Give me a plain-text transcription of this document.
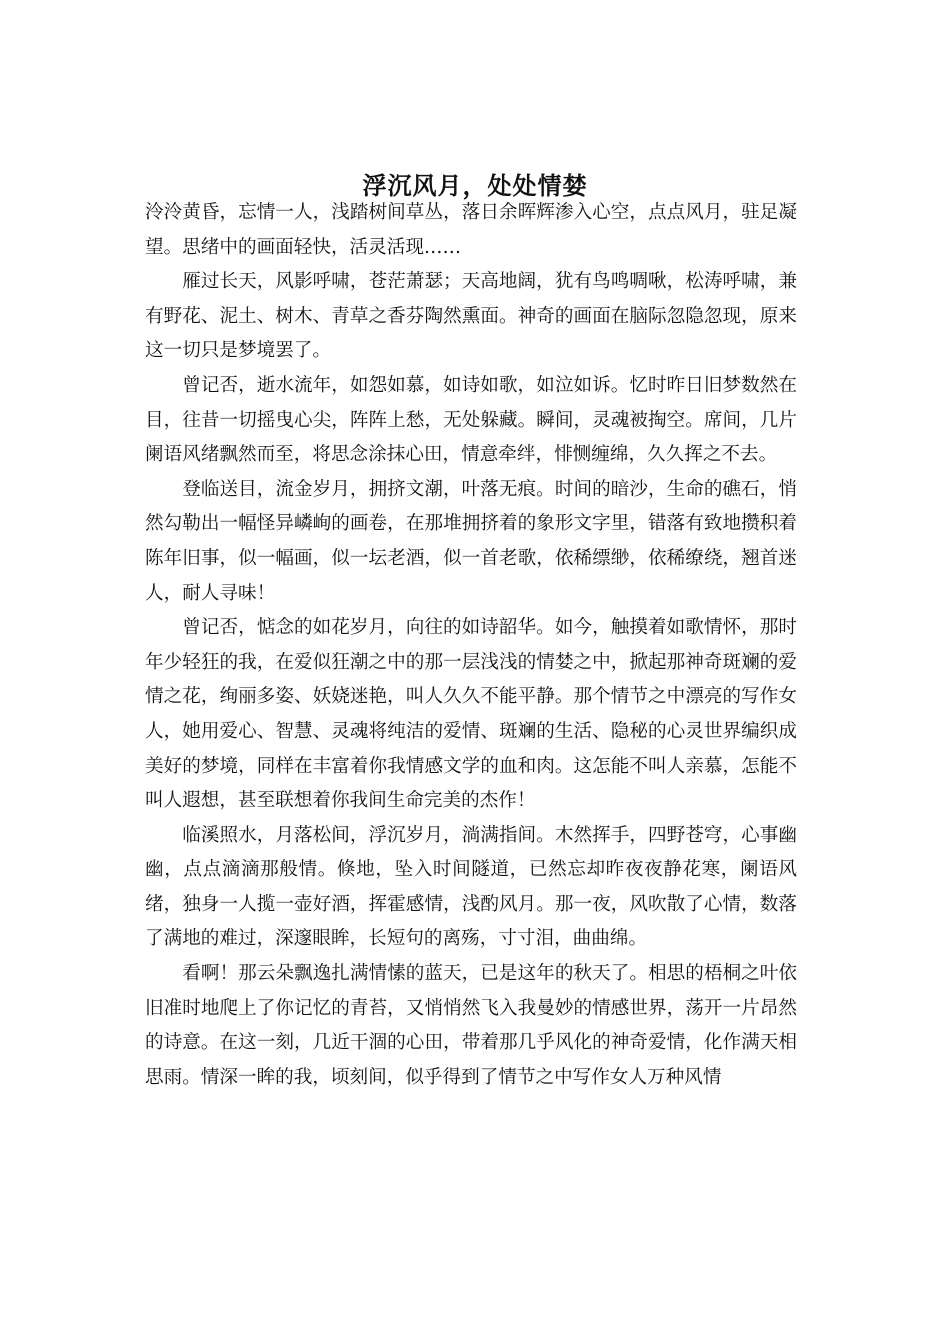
浮沉风月，处处情婪

泠泠黄昏，忘情一人，浅踏树间草丛，落日余晖辉渗入心空，点点风月，驻足凝望。思绪中的画面轻快，活灵活现……

雁过长天，风影呼啸，苍茫萧瑟；天高地阔，犹有鸟鸣啁啾，松涛呼啸，兼有野花、泥土、树木、青草之香芬陶然熏面。神奇的画面在脑际忽隐忽现，原来这一切只是梦境罢了。

曾记否，逝水流年，如怨如慕，如诗如歌，如泣如诉。忆时昨日旧梦数然在目，往昔一切摇曳心尖，阵阵上愁，无处躲藏。瞬间，灵魂被掏空。席间，几片阑语风绪飘然而至，将思念涂抹心田，情意牵绊，悱恻缠绵，久久挥之不去。

登临送目，流金岁月，拥挤文潮，叶落无痕。时间的暗沙，生命的礁石，悄然勾勒出一幅怪异嶙峋的画卷，在那堆拥挤着的象形文字里，错落有致地攒积着陈年旧事，似一幅画，似一坛老酒，似一首老歌，依稀缥缈，依稀缭绕，翘首迷人，耐人寻味！

曾记否，惦念的如花岁月，向往的如诗韶华。如今，触摸着如歌情怀，那时年少轻狂的我，在爱似狂潮之中的那一层浅浅的情婪之中，掀起那神奇斑斓的爱情之花，绚丽多姿、妖娆迷艳，叫人久久不能平静。那个情节之中漂亮的写作女人，她用爱心、智慧、灵魂将纯洁的爱情、斑斓的生活、隐秘的心灵世界编织成美好的梦境，同样在丰富着你我情感文学的血和肉。这怎能不叫人亲慕，怎能不叫人遐想，甚至联想着你我间生命完美的杰作！

临溪照水，月落松间，浮沉岁月，淌满指间。木然挥手，四野苍穹，心事幽幽，点点滴滴那般情。倏地，坠入时间隧道，已然忘却昨夜夜静花寒，阑语风绪，独身一人揽一壶好酒，挥霍感情，浅酌风月。那一夜，风吹散了心情，数落了满地的难过，深邃眼眸，长短句的离殇，寸寸泪，曲曲绵。

看啊！那云朵飘逸扎满情愫的蓝天，已是这年的秋天了。相思的梧桐之叶依旧准时地爬上了你记忆的青苔，又悄悄然飞入我曼妙的情感世界，荡开一片昂然的诗意。在这一刻，几近干涸的心田，带着那几乎风化的神奇爱情，化作满天相思雨。情深一眸的我，顷刻间，似乎得到了情节之中写作女人万种风情
